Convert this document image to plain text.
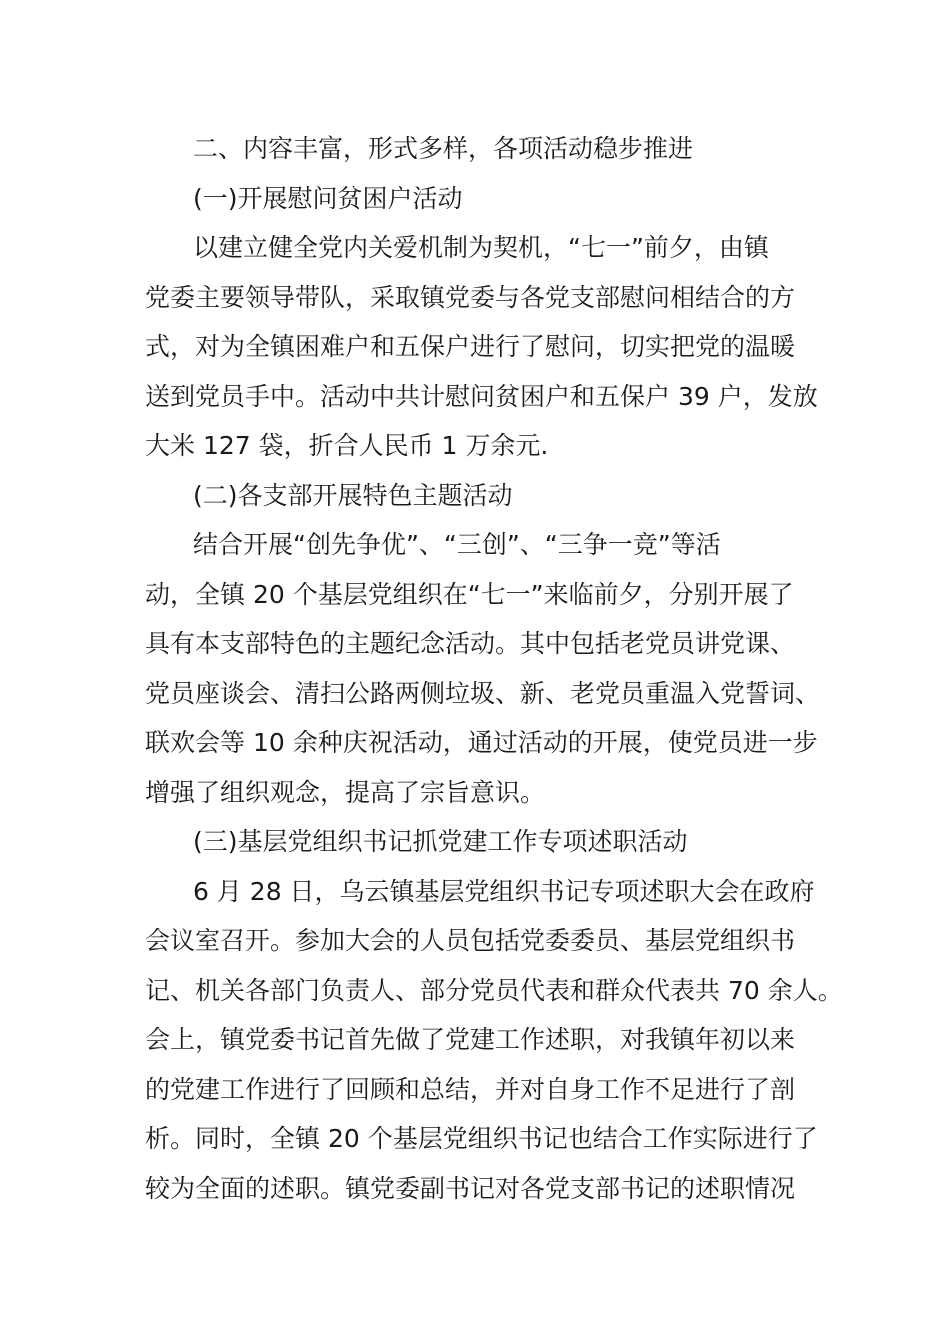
二、内容丰富，形式多样，各项活动稳步推进
(一)开展慰问贫困户活动
以建立健全党内关爱机制为契机，“七一”前夕，由镇
党委主要领导带队，采取镇党委与各党支部慰问相结合的方
式，对为全镇困难户和五保户进行了慰问，切实把党的温暖
送到党员手中。活动中共计慰问贫困户和五保户 39 户，发放
大米 127 袋，折合人民币 1 万余元.
(二)各支部开展特色主题活动
结合开展“创先争优”、“三创”、“三争一竞”等活
动，全镇 20 个基层党组织在“七一”来临前夕，分别开展了
具有本支部特色的主题纪念活动。其中包括老党员讲党课、
党员座谈会、清扫公路两侧垃圾、新、老党员重温入党誓词、
联欢会等 10 余种庆祝活动，通过活动的开展，使党员进一步
增强了组织观念，提高了宗旨意识。
(三)基层党组织书记抓党建工作专项述职活动
6 月 28 日，乌云镇基层党组织书记专项述职大会在政府
会议室召开。参加大会的人员包括党委委员、基层党组织书
记、机关各部门负责人、部分党员代表和群众代表共 70 余人。
会上，镇党委书记首先做了党建工作述职，对我镇年初以来
的党建工作进行了回顾和总结，并对自身工作不足进行了剖
析。同时，全镇 20 个基层党组织书记也结合工作实际进行了
较为全面的述职。镇党委副书记对各党支部书记的述职情况
